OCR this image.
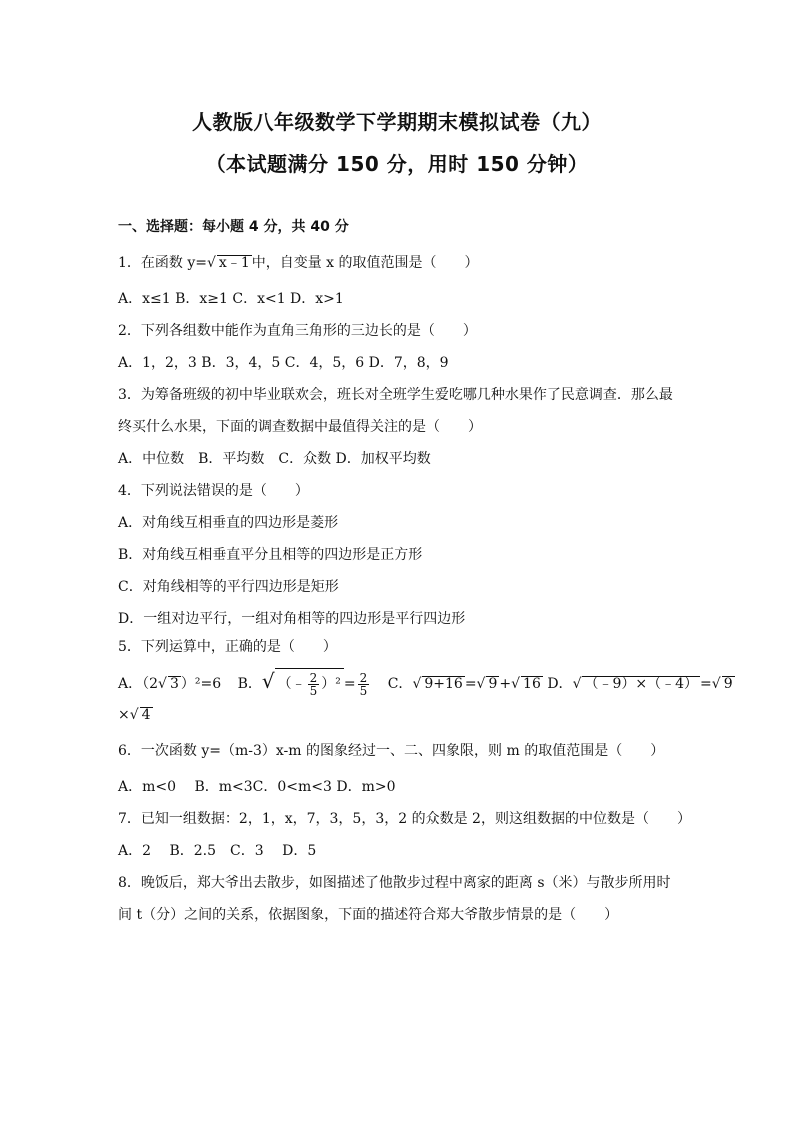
人教版八年级数学下学期期末模拟试卷（九）
（本试题满分 150 分，用时 150 分钟）
一、选择题：每小题 4 分，共 40 分
1．在函数 y=√ x﹣1 中，自变量 x 的取值范围是（　　）
A．x≤1 B．x≥1 C．x<1 D．x>1
2．下列各组数中能作为直角三角形的三边长的是（　　）
A．1，2，3 B．3，4，5 C．4，5，6 D．7，8，9
3．为筹备班级的初中毕业联欢会，班长对全班学生爱吃哪几种水果作了民意调查．那么最
终买什么水果，下面的调查数据中最值得关注的是（　　）
A．中位数　B．平均数　C．众数 D．加权平均数
4．下列说法错误的是（　　）
A．对角线互相垂直的四边形是菱形
B．对角线互相垂直平分且相等的四边形是正方形
C．对角线相等的平行四边形是矩形
D．一组对边平行，一组对角相等的四边形是平行四边形
5．下列运算中，正确的是（　　）
A．（2√ 3 ）²=6 B．√ （﹣ $\frac{2}{5} )^2 = \frac{2}{5}$ C．√ 9+16 =√ 9 +√ 16 D．√ （﹣9）×（﹣4） =√ 9
×√ 4
6．一次函数 y=（m-3）x-m 的图象经过一、二、四象限，则 m 的取值范围是（　　）
A．m<0　 B．m<3C．0<m<3 D．m>0
7．已知一组数据：2，1，x，7，3，5，3，2 的众数是 2，则这组数据的中位数是（　　）
A．2　 B．2.5　C．3　 D．5
8．晚饭后，郑大爷出去散步，如图描述了他散步过程中离家的距离 s（米）与散步所用时
间 t（分）之间的关系，依据图象，下面的描述符合郑大爷散步情景的是（　　）
